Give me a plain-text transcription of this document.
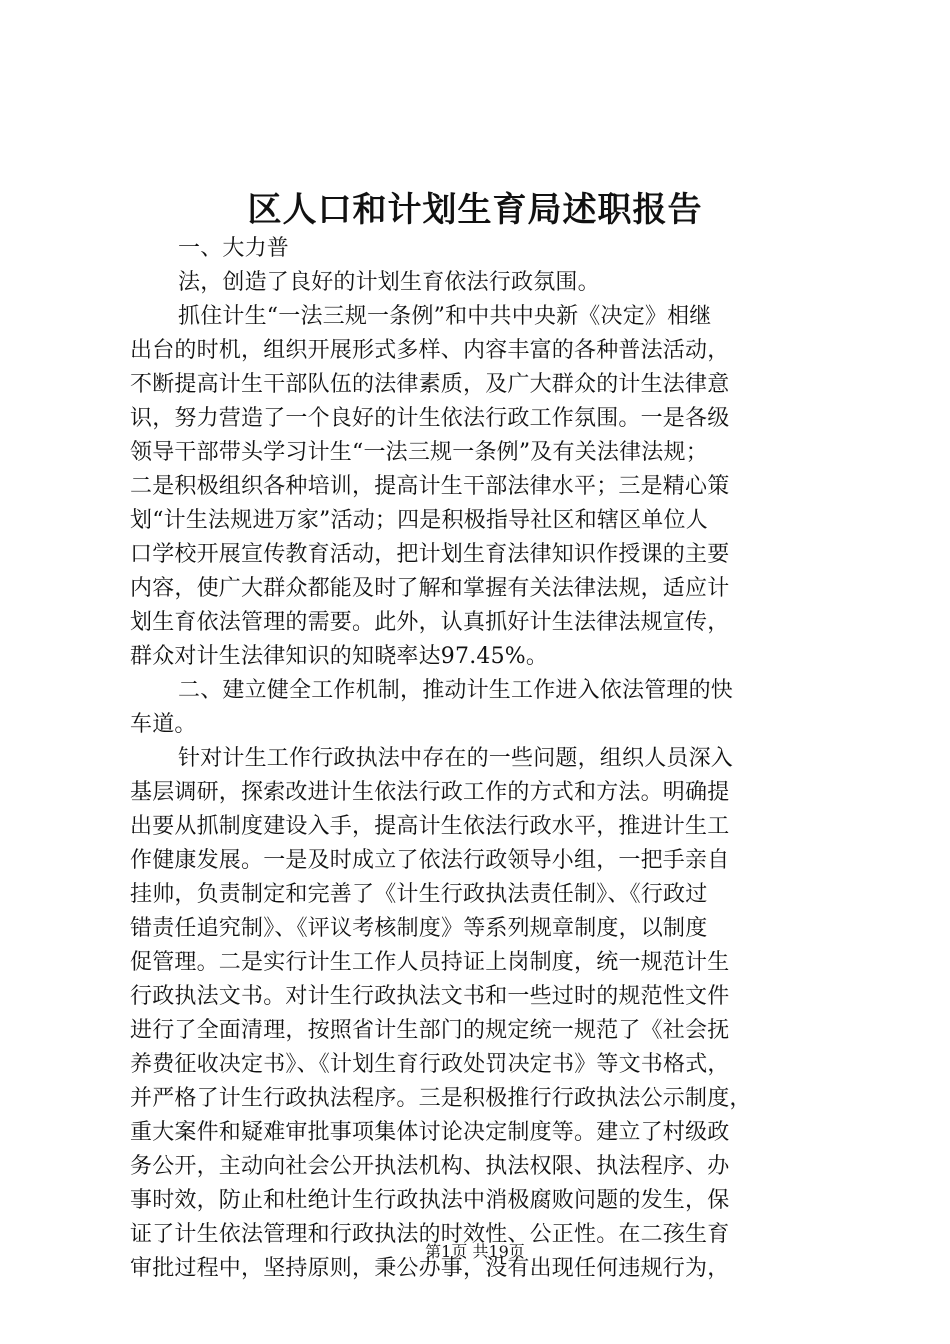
区人口和计划生育局述职报告
一、大力普
法，创造了良好的计划生育依法行政氛围。
抓住计生“一法三规一条例”和中共中央新《决定》相继
出台的时机，组织开展形式多样、内容丰富的各种普法活动，
不断提高计生干部队伍的法律素质，及广大群众的计生法律意
识，努力营造了一个良好的计生依法行政工作氛围。一是各级
领导干部带头学习计生“一法三规一条例”及有关法律法规；
二是积极组织各种培训，提高计生干部法律水平；三是精心策
划“计生法规进万家”活动；四是积极指导社区和辖区单位人
口学校开展宣传教育活动，把计划生育法律知识作授课的主要
内容，使广大群众都能及时了解和掌握有关法律法规，适应计
划生育依法管理的需要。此外，认真抓好计生法律法规宣传，
群众对计生法律知识的知晓率达97.45%。
二、建立健全工作机制，推动计生工作进入依法管理的快
车道。
针对计生工作行政执法中存在的一些问题，组织人员深入
基层调研，探索改进计生依法行政工作的方式和方法。明确提
出要从抓制度建设入手，提高计生依法行政水平，推进计生工
作健康发展。一是及时成立了依法行政领导小组，一把手亲自
挂帅，负责制定和完善了《计生行政执法责任制》、《行政过
错责任追究制》、《评议考核制度》等系列规章制度，以制度
促管理。二是实行计生工作人员持证上岗制度，统一规范计生
行政执法文书。对计生行政执法文书和一些过时的规范性文件
进行了全面清理，按照省计生部门的规定统一规范了《社会抚
养费征收决定书》、《计划生育行政处罚决定书》等文书格式，
并严格了计生行政执法程序。三是积极推行行政执法公示制度，
重大案件和疑难审批事项集体讨论决定制度等。建立了村级政
务公开，主动向社会公开执法机构、执法权限、执法程序、办
事时效，防止和杜绝计生行政执法中消极腐败问题的发生，保
证了计生依法管理和行政执法的时效性、公正性。在二孩生育
审批过程中，坚持原则，秉公办事，没有出现任何违规行为，
第1页 共19页
